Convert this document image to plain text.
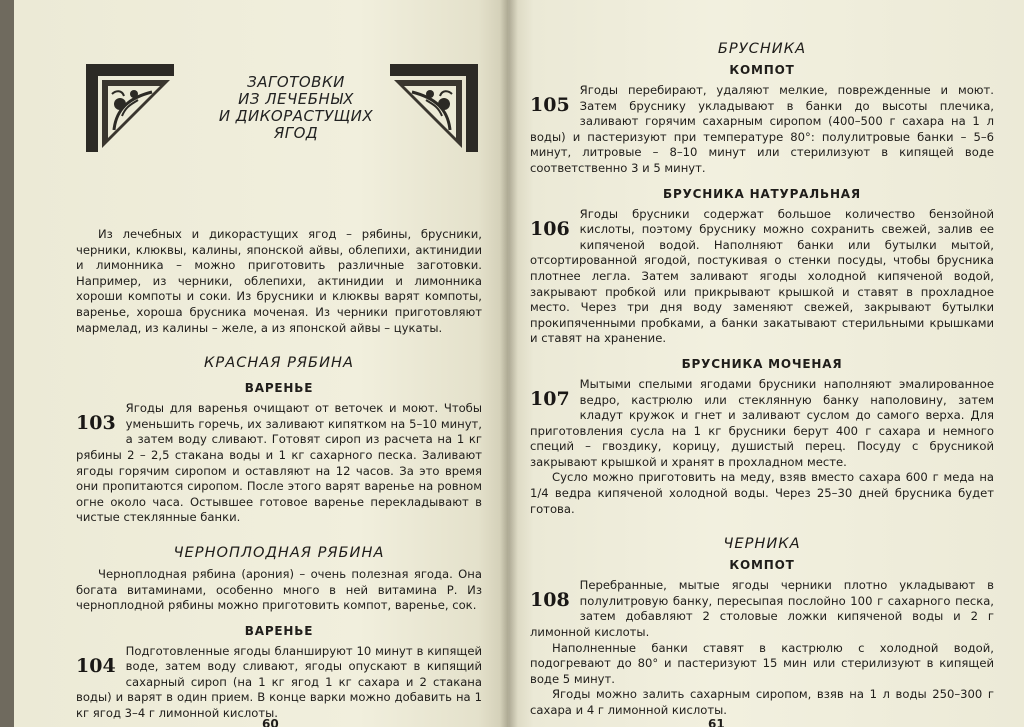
ЗАГОТОВКИ
ИЗ ЛЕЧЕБНЫХ
И ДИКОРАСТУЩИХ
ЯГОД

Из лечебных и дикорастущих ягод – рябины, брусники, черники, клюквы, калины, японской айвы, облепихи, актинидии и лимонника – можно приготовить различные заготовки. Например, из черники, облепихи, актинидии и лимонника хороши компоты и соки. Из брусники и клюквы варят компоты, варенье, хороша брусника моченая. Из черники приготовляют мармелад, из калины – желе, а из японской айвы – цукаты.

КРАСНАЯ РЯБИНА
ВАРЕНЬЕ
103

Ягоды для варенья очищают от веточек и моют. Чтобы уменьшить горечь, их заливают кипятком на 5–10 минут, а затем воду сливают. Готовят сироп из расчета на 1 кг рябины 2 – 2,5 стакана воды и 1 кг сахарного песка. Заливают ягоды горячим сиропом и оставляют на 12 часов. За это время они пропитаются сиропом. После этого варят варенье на ровном огне около часа. Остывшее готовое варенье перекладывают в чистые стеклянные банки.

ЧЕРНОПЛОДНАЯ РЯБИНА

Черноплодная рябина (арония) – очень полезная ягода. Она богата витаминами, особенно много в ней витамина Р. Из черноплодной рябины можно приготовить компот, варенье, сок.

ВАРЕНЬЕ
104

Подготовленные ягоды бланшируют 10 минут в кипящей воде, затем воду сливают, ягоды опускают в кипящий сахарный сироп (на 1 кг ягод 1 кг сахара и 2 стакана воды) и варят в один прием. В конце варки можно добавить на 1 кг ягод 3–4 г лимонной кислоты.

60
БРУСНИКА
КОМПОТ
105

Ягоды перебирают, удаляют мелкие, поврежденные и моют. Затем бруснику укладывают в банки до высоты плечика, заливают горячим сахарным сиропом (400–500 г сахара на 1 л воды) и пастеризуют при температуре 80°: полулитровые банки – 5–6 минут, литровые – 8–10 минут или стерилизуют в кипящей воде соответственно 3 и 5 минут.

БРУСНИКА НАТУРАЛЬНАЯ
106

Ягоды брусники содержат большое количество бензойной кислоты, поэтому бруснику можно сохранить свежей, залив ее кипяченой водой. Наполняют банки или бутылки мытой, отсортированной ягодой, постукивая о стенки посуды, чтобы брусника плотнее легла. Затем заливают ягоды холодной кипяченой водой, закрывают пробкой или прикрывают крышкой и ставят в прохладное место. Через три дня воду заменяют свежей, закрывают бутылки прокипяченными пробками, а банки закатывают стерильными крышками и ставят на хранение.

БРУСНИКА МОЧЕНАЯ
107

Мытыми спелыми ягодами брусники наполняют эмалированное ведро, кастрюлю или стеклянную банку наполовину, затем кладут кружок и гнет и заливают суслом до самого верха. Для приготовления сусла на 1 кг брусники берут 400 г сахара и немного специй – гвоздику, корицу, душистый перец. Посуду с брусникой закрывают крышкой и хранят в прохладном месте.

Сусло можно приготовить на меду, взяв вместо сахара 600 г меда на 1/4 ведра кипяченой холодной воды. Через 25–30 дней брусника будет готова.

ЧЕРНИКА
КОМПОТ
108

Перебранные, мытые ягоды черники плотно укладывают в полулитровую банку, пересыпая послойно 100 г сахарного песка, затем добавляют 2 столовые ложки кипяченой воды и 2 г лимонной кислоты.

Наполненные банки ставят в кастрюлю с холодной водой, подогревают до 80° и пастеризуют 15 мин или стерилизуют в кипящей воде 5 минут.

Ягоды можно залить сахарным сиропом, взяв на 1 л воды 250–300 г сахара и 4 г лимонной кислоты.

61
